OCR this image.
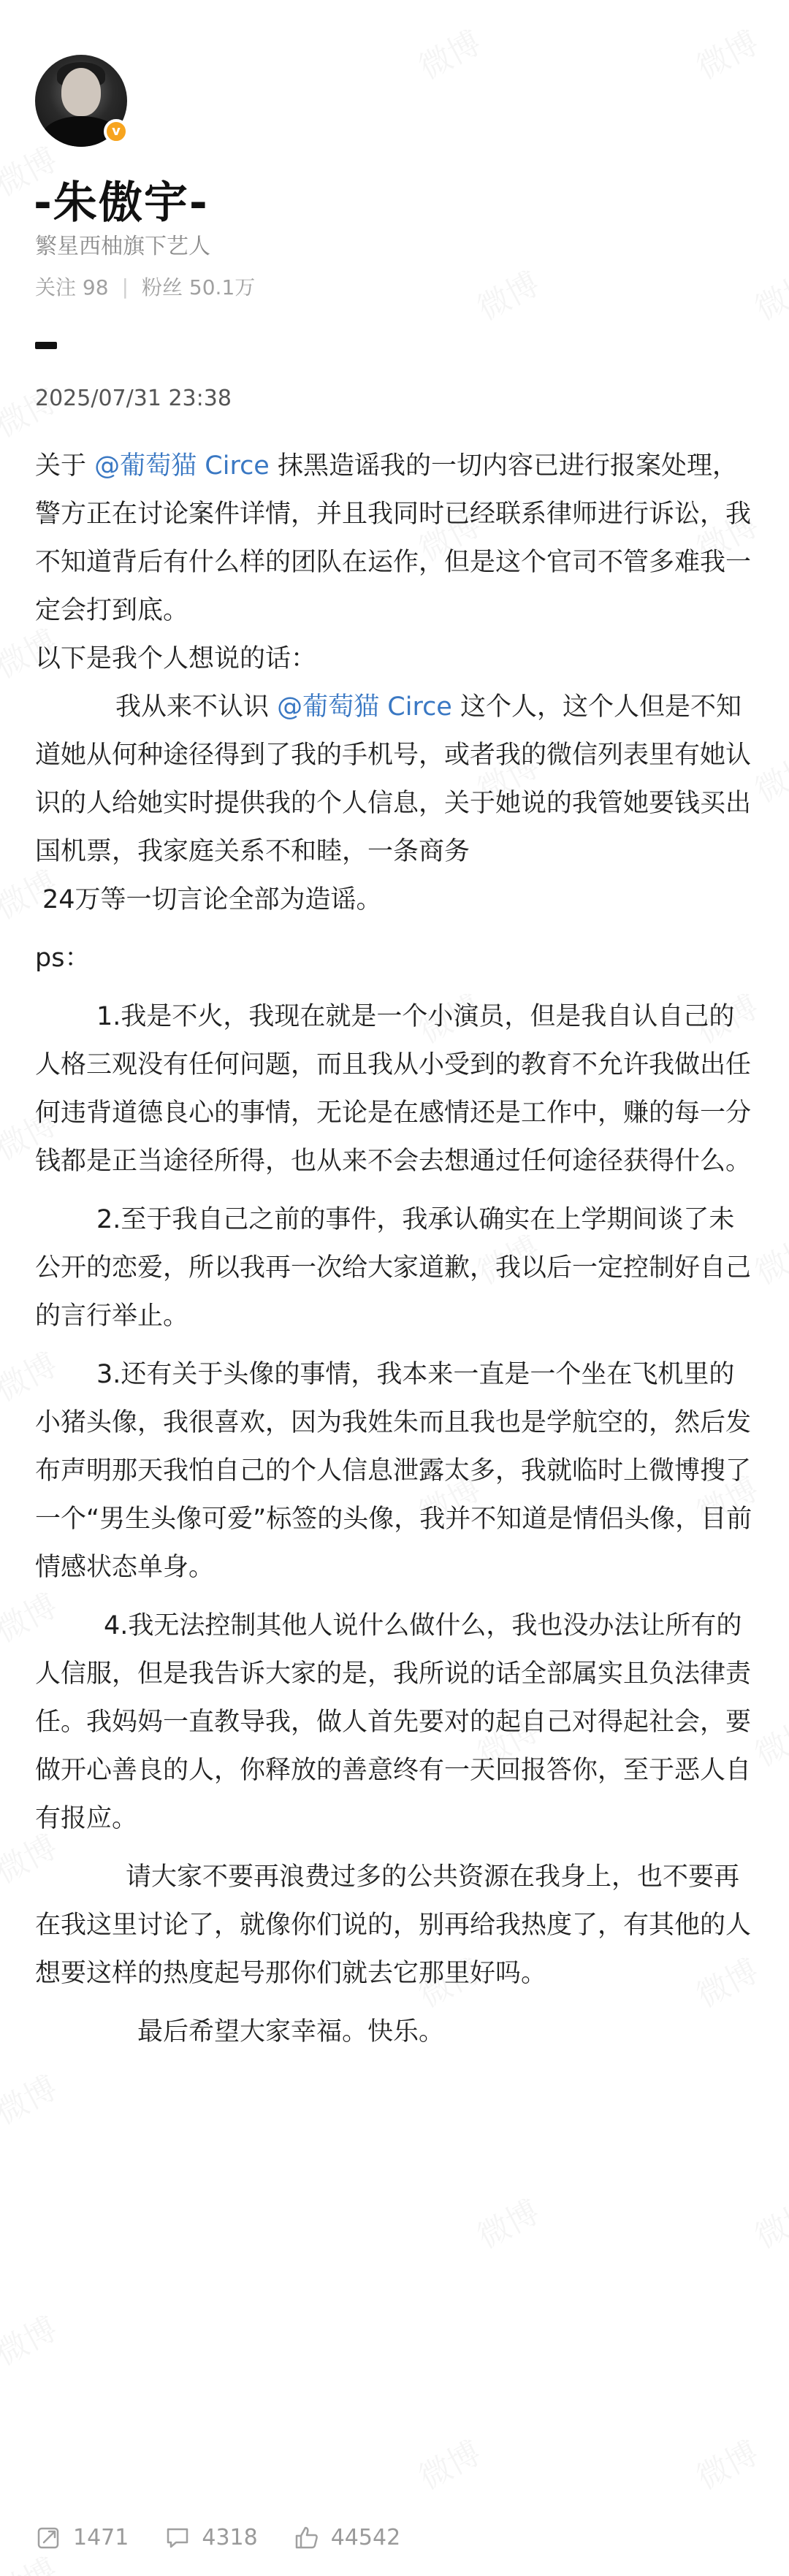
v
-朱傲宇-
繁星西柚旗下艺人
关注 98 | 粉丝 50.1万
2025/07/31 23:38

关于 @葡萄猫 Circe 抹黑造谣我的一切内容已进行报案处理，警方正在讨论案件详情，并且我同时已经联系律师进行诉讼，我不知道背后有什么样的团队在运作，但是这个官司不管多难我一定会打到底。

以下是我个人想说的话：

我从来不认识 @葡萄猫 Circe 这个人，这个人但是不知道她从何种途径得到了我的手机号，或者我的微信列表里有她认识的人给她实时提供我的个人信息，关于她说的我管她要钱买出国机票，我家庭关系不和睦，一条商务

24万等一切言论全部为造谣。

ps：

1.我是不火，我现在就是一个小演员，但是我自认自己的人格三观没有任何问题，而且我从小受到的教育不允许我做出任何违背道德良心的事情，无论是在感情还是工作中，赚的每一分钱都是正当途径所得，也从来不会去想通过任何途径获得什么。

2.至于我自己之前的事件，我承认确实在上学期间谈了未公开的恋爱，所以我再一次给大家道歉，我以后一定控制好自己的言行举止。

3.还有关于头像的事情，我本来一直是一个坐在飞机里的小猪头像，我很喜欢，因为我姓朱而且我也是学航空的，然后发布声明那天我怕自己的个人信息泄露太多，我就临时上微博搜了一个“男生头像可爱”标签的头像，我并不知道是情侣头像，目前情感状态单身。

4.我无法控制其他人说什么做什么，我也没办法让所有的人信服，但是我告诉大家的是，我所说的话全部属实且负法律责任。我妈妈一直教导我，做人首先要对的起自己对得起社会，要做开心善良的人，你释放的善意终有一天回报答你，至于恶人自有报应。

请大家不要再浪费过多的公共资源在我身上，也不要再在我这里讨论了，就像你们说的，别再给我热度了，有其他的人想要这样的热度起号那你们就去它那里好吗。

最后希望大家幸福。快乐。

1471	4318	44542
